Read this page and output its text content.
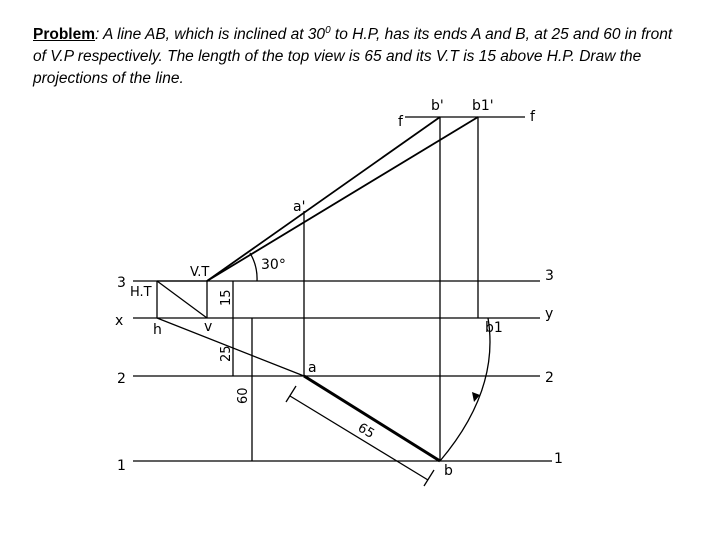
Problem: A line AB, which is inclined at $30^0$ to H.P, has its ends A and B, at 25 and 60 in front of V.P respectively. The length of the top view is 65 and its V.T is 15 above H.P. Draw the projections of the line.
f	f
b' b1'
a'
30°
V.T
H.T
3	3
x	y
h	v	b1
15
25
60
65
2	2
a
1	1
b
